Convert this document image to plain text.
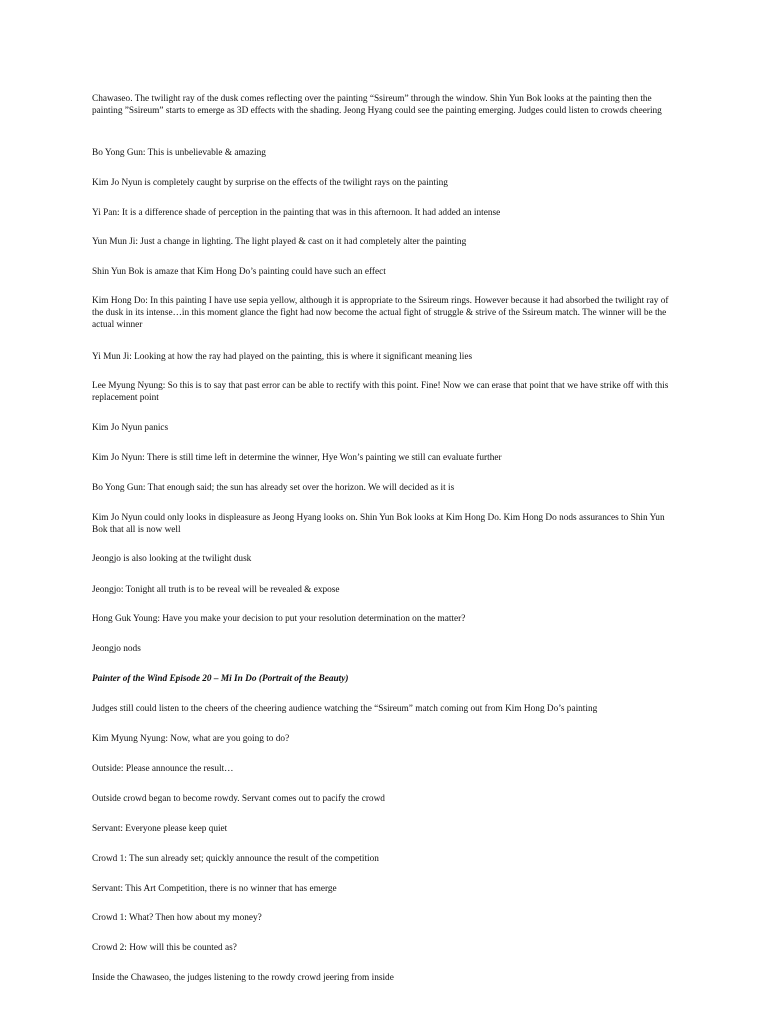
Chawaseo. The twilight ray of the dusk comes reflecting over the painting “Ssireum” through the window. Shin Yun Bok looks at the painting then the painting ”Ssireum” starts to emerge as 3D effects with the shading. Jeong Hyang could see the painting emerging. Judges could listen to crowds cheering

Bo Yong Gun: This is unbelievable & amazing

Kim Jo Nyun is completely caught by surprise on the effects of the twilight rays on the painting

Yi Pan: It is a difference shade of perception in the painting that was in this afternoon. It had added an intense

Yun Mun Ji: Just a change in lighting. The light played & cast on it had completely alter the painting

Shin Yun Bok is amaze that Kim Hong Do’s painting could have such an effect

Kim Hong Do: In this painting I have use sepia yellow, although it is appropriate to the Ssireum rings. However because it had absorbed the twilight ray of the dusk in its intense…in this moment glance the fight had now become the actual fight of struggle & strive of the Ssireum match. The winner will be the actual winner

Yi Mun Ji: Looking at how the ray had played on the painting, this is where it significant meaning lies

Lee Myung Nyung: So this is to say that past error can be able to rectify with this point. Fine! Now we can erase that point that we have strike off with this replacement point

Kim Jo Nyun panics

Kim Jo Nyun: There is still time left in determine the winner, Hye Won’s painting we still can evaluate further

Bo Yong Gun: That enough said; the sun has already set over the horizon. We will decided as it is

Kim Jo Nyun could only looks in displeasure as Jeong Hyang looks on. Shin Yun Bok looks at Kim Hong Do. Kim Hong Do nods assurances to Shin Yun Bok that all is now well

Jeongjo is also looking at the twilight dusk

Jeongjo: Tonight all truth is to be reveal will be revealed & expose

Hong Guk Young: Have you make your decision to put your resolution determination on the matter?

Jeongjo nods

Painter of the Wind Episode 20 – Mi In Do (Portrait of the Beauty)

Judges still could listen to the cheers of the cheering audience watching the “Ssireum” match coming out from Kim Hong Do’s painting

Kim Myung Nyung: Now, what are you going to do?

Outside: Please announce the result…

Outside crowd began to become rowdy. Servant comes out to pacify the crowd

Servant: Everyone please keep quiet

Crowd 1: The sun already set; quickly announce the result of the competition

Servant: This Art Competition, there is no winner that has emerge

Crowd 1: What? Then how about my money?

Crowd 2: How will this be counted as?

Inside the Chawaseo, the judges listening to the rowdy crowd jeering from inside
